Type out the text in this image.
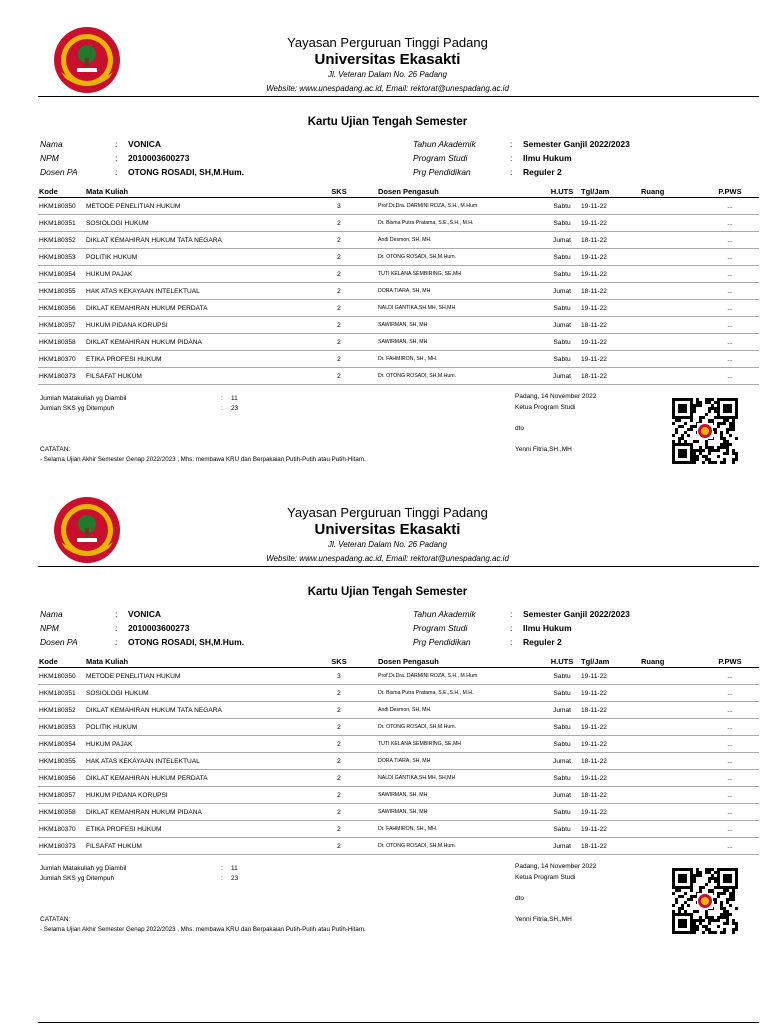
Yayasan Perguruan Tinggi Padang
Universitas Ekasakti
Jl. Veteran Dalam No. 26 Padang
Website: www.unespadang.ac.id, Email: rektorat@unespadang.ac.id
Kartu Ujian Tengah Semester
Nama	: VONICA
NPM	: 2010003600273
Dosen PA	: OTONG ROSADI, SH,M.Hum.
Tahun Akademik	: Semester Ganjil 2022/2023
Program Studi	: Ilmu Hukum
Prg Pendidikan	: Reguler 2
Kode	Mata Kuliah	SKS	Dosen Pengasuh	H.UTS	Tgl/Jam	Ruang	P.PWS
HKM180350	METODE PENELITIAN HUKUM	3	Prof.Dr.Dra. DARMINI ROZA, S.H., M.Hum	Sabtu	19-11-22		...
HKM180351	SOSIOLOGI HUKUM	2	Dr. Bisma Putra Pratama, S.E.,S.H., M.H.	Sabtu	19-11-22		...
HKM180352	DIKLAT KEMAHIRAN HUKUM TATA NEGARA	2	Andi Desmon, SH, MH.	Jumat	18-11-22		...
HKM180353	POLITIK HUKUM	2	Dr. OTONG ROSADI, SH,M.Hum.	Sabtu	19-11-22		...
HKM180354	HUKUM PAJAK	2	TUTI KELANA SEMBIRING, SE,MH	Sabtu	19-11-22		...
HKM180355	HAK ATAS KEKAYAAN INTELEKTUAL	2	DORA TIARA, SH, MH	Jumat	18-11-22		...
HKM180356	DIKLAT KEMAHIRAN HUKUM PERDATA	2	NALDI GANTIKA,SH.MH, SH,MH	Sabtu	19-11-22		...
HKM180357	HUKUM PIDANA KORUPSI	2	SAWIRMAN, SH, MH	Jumat	18-11-22		...
HKM180358	DIKLAT KEMAHIRAN HUKUM PIDANA	2	SAWIRMAN, SH, MH	Sabtu	19-11-22		...
HKM180370	ETIKA PROFESI HUKUM	2	Dr. FAHMIRON, SH., MH.	Sabtu	19-11-22		...
HKM180373	FILSAFAT HUKUM	2	Dr. OTONG ROSADI, SH,M.Hum.	Jumat	18-11-22		...
Jumlah Matakuliah yg Diambil	: 11
Jumlah SKS yg Ditempuh	: 23
Padang, 14 November 2022
Ketua Program Studi
dto
Yenni Fitria,SH.,MH
CATATAN:
- Selama Ujian Akhir Semester Genap 2022/2023 , Mhs. membawa KRU dan Berpakaian Putih-Putih atau Putih-Hitam.
Yayasan Perguruan Tinggi Padang
Universitas Ekasakti
Jl. Veteran Dalam No. 26 Padang
Website: www.unespadang.ac.id, Email: rektorat@unespadang.ac.id
Kartu Ujian Tengah Semester
Nama	: VONICA
NPM	: 2010003600273
Dosen PA	: OTONG ROSADI, SH,M.Hum.
Tahun Akademik	: Semester Ganjil 2022/2023
Program Studi	: Ilmu Hukum
Prg Pendidikan	: Reguler 2
Kode	Mata Kuliah	SKS	Dosen Pengasuh	H.UTS	Tgl/Jam	Ruang	P.PWS
HKM180350	METODE PENELITIAN HUKUM	3	Prof.Dr.Dra. DARMINI ROZA, S.H., M.Hum	Sabtu	19-11-22		...
HKM180351	SOSIOLOGI HUKUM	2	Dr. Bisma Putra Pratama, S.E.,S.H., M.H.	Sabtu	19-11-22		...
HKM180352	DIKLAT KEMAHIRAN HUKUM TATA NEGARA	2	Andi Desmon, SH, MH.	Jumat	18-11-22		...
HKM180353	POLITIK HUKUM	2	Dr. OTONG ROSADI, SH,M.Hum.	Sabtu	19-11-22		...
HKM180354	HUKUM PAJAK	2	TUTI KELANA SEMBIRING, SE,MH	Sabtu	19-11-22		...
HKM180355	HAK ATAS KEKAYAAN INTELEKTUAL	2	DORA TIARA, SH, MH	Jumat	18-11-22		...
HKM180356	DIKLAT KEMAHIRAN HUKUM PERDATA	2	NALDI GANTIKA,SH.MH, SH,MH	Sabtu	19-11-22		...
HKM180357	HUKUM PIDANA KORUPSI	2	SAWIRMAN, SH, MH	Jumat	18-11-22		...
HKM180358	DIKLAT KEMAHIRAN HUKUM PIDANA	2	SAWIRMAN, SH, MH	Sabtu	19-11-22		...
HKM180370	ETIKA PROFESI HUKUM	2	Dr. FAHMIRON, SH., MH.	Sabtu	19-11-22		...
HKM180373	FILSAFAT HUKUM	2	Dr. OTONG ROSADI, SH,M.Hum.	Jumat	18-11-22		...
Jumlah Matakuliah yg Diambil	: 11
Jumlah SKS yg Ditempuh	: 23
Padang, 14 November 2022
Ketua Program Studi
dto
Yenni Fitria,SH.,MH
CATATAN:
- Selama Ujian Akhir Semester Genap 2022/2023 , Mhs. membawa KRU dan Berpakaian Putih-Putih atau Putih-Hitam.
